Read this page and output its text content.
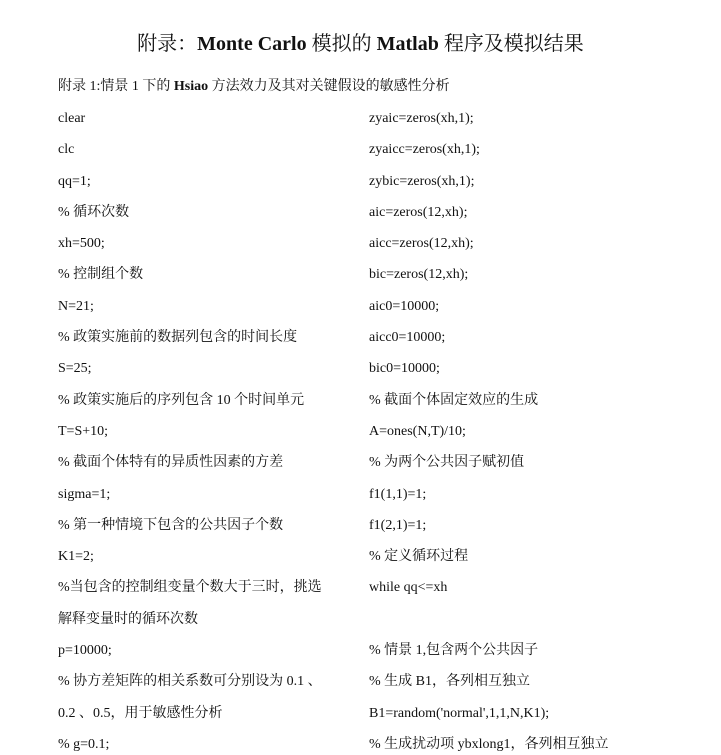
附录：Monte Carlo 模拟的 Matlab 程序及模拟结果
附录 1:情景 1 下的 Hsiao 方法效力及其对关键假设的敏感性分析
clear
clc
qq=1;
% 循环次数
xh=500;
% 控制组个数
N=21;
% 政策实施前的数据列包含的时间长度
S=25;
% 政策实施后的序列包含 10 个时间单元
T=S+10;
% 截面个体特有的异质性因素的方差
sigma=1;
% 第一种情境下包含的公共因子个数
K1=2;
%当包含的控制组变量个数大于三时，挑选
解释变量时的循环次数
p=10000;
% 协方差矩阵的相关系数可分别设为 0.1 、
0.2 、0.5，用于敏感性分析
% g=0.1;
zyaic=zeros(xh,1);
zyaicc=zeros(xh,1);
zybic=zeros(xh,1);
aic=zeros(12,xh);
aicc=zeros(12,xh);
bic=zeros(12,xh);
aic0=10000;
aicc0=10000;
bic0=10000;
% 截面个体固定效应的生成
A=ones(N,T)/10;
% 为两个公共因子赋初值
f1(1,1)=1;
f1(2,1)=1;
% 定义循环过程
while qq<=xh
% 情景 1,包含两个公共因子
% 生成 B1，各列相互独立
B1=random('normal',1,1,N,K1);
% 生成扰动项 ybxlong1，各列相互独立
